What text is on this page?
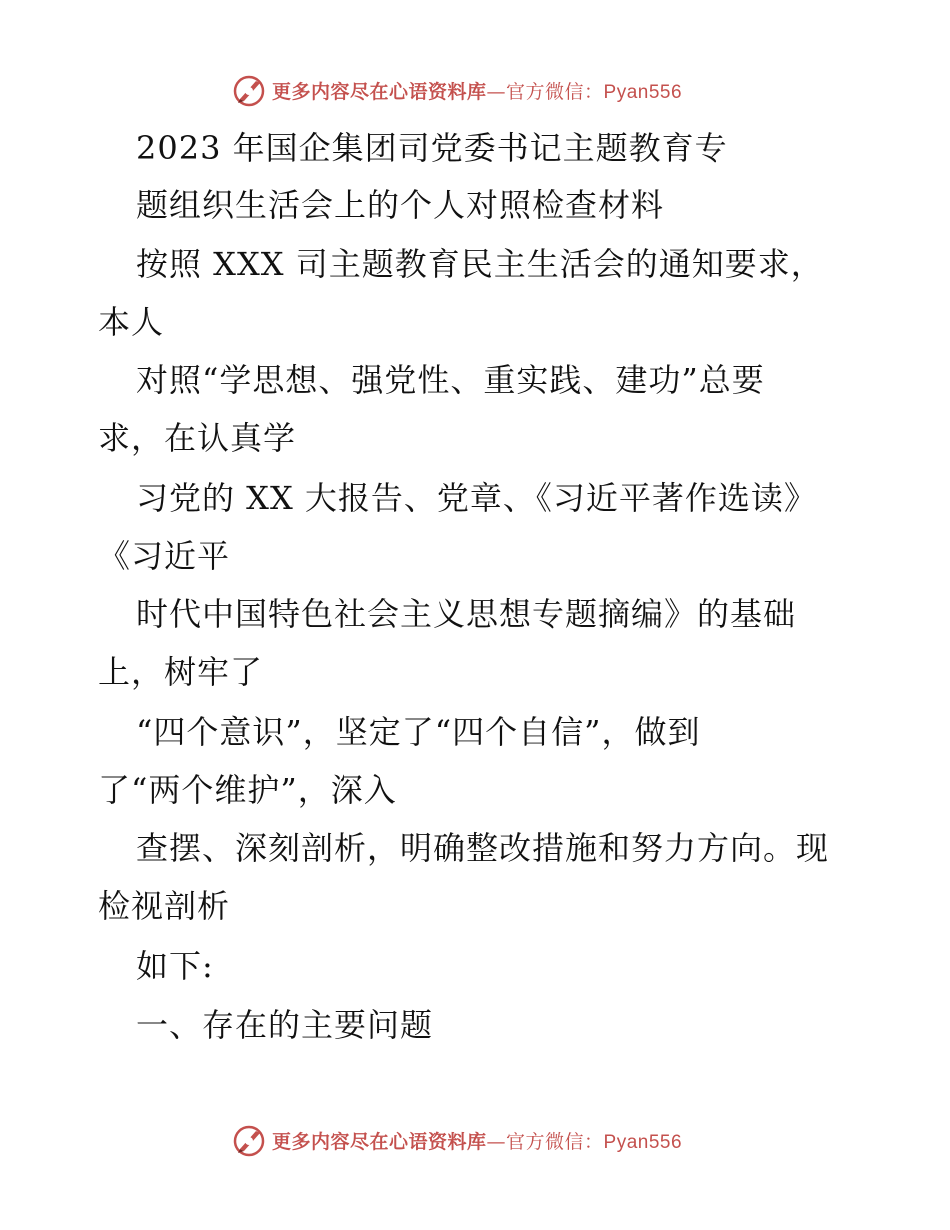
更多内容尽在心语资料库—官方微信：Pyan556
2023 年国企集团司党委书记主题教育专
题组织生活会上的个人对照检查材料
按照 XXX 司主题教育民主生活会的通知要求，
本人
对照“学思想、强党性、重实践、建功”总要
求，在认真学
习党的 XX 大报告、党章、《习近平著作选读》
《习近平
时代中国特色社会主义思想专题摘编》的基础
上，树牢了
“四个意识”，坚定了“四个自信”，做到
了“两个维护”，深入
查摆、深刻剖析，明确整改措施和努力方向。现
检视剖析
如下:
一、存在的主要问题
更多内容尽在心语资料库—官方微信：Pyan556
